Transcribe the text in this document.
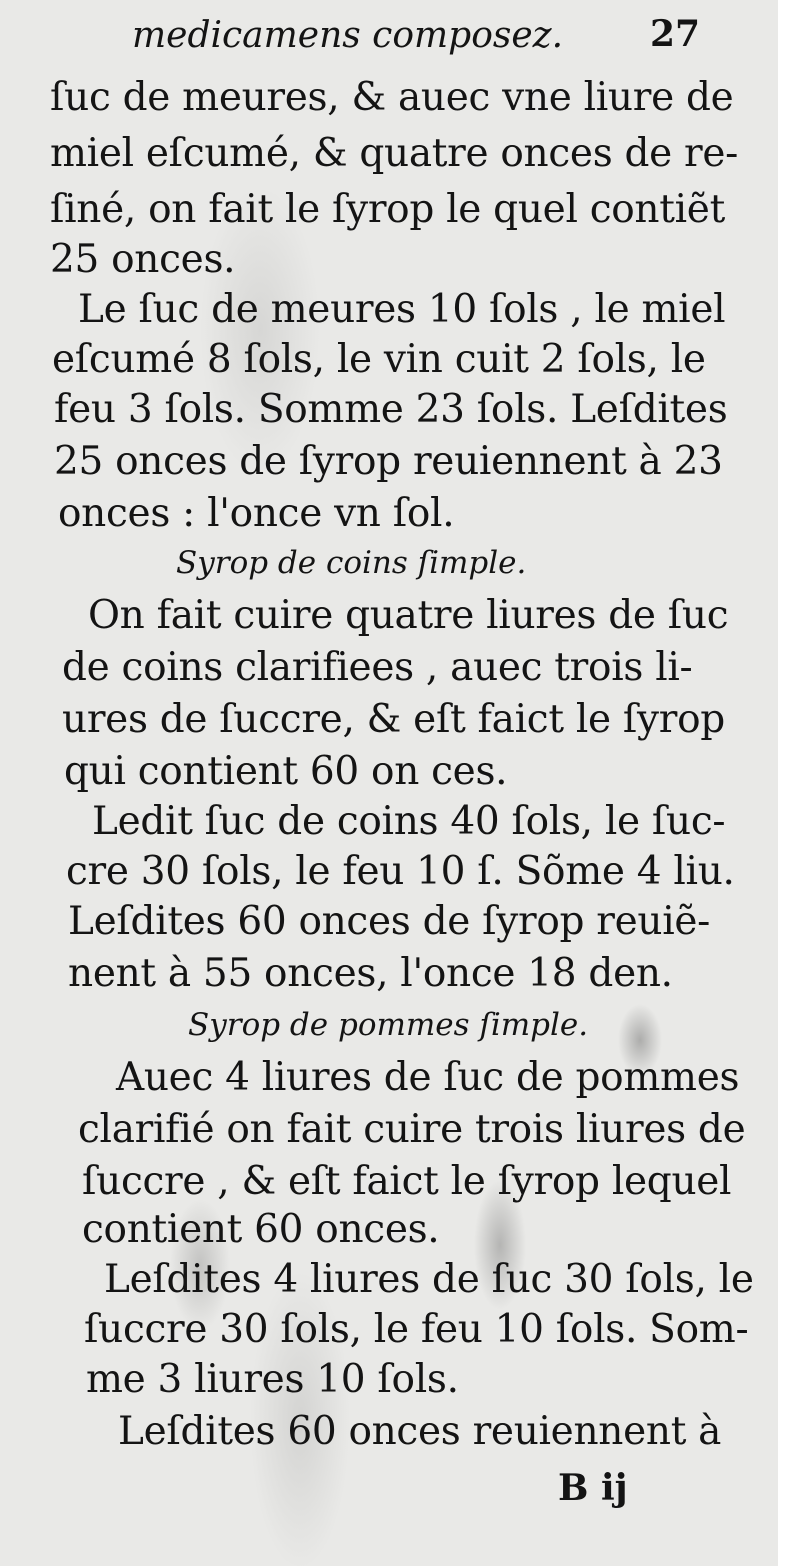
medicamens composez. 27
ſuc de meures, & auec vne liure de
miel eſcumé, & quatre onces de re-
ſiné, on fait le ſyrop le quel contiẽt
25 onces.
Le ſuc de meures 10 ſols , le miel
eſcumé 8 ſols, le vin cuit 2 ſols, le
feu 3 ſols. Somme 23 ſols. Leſdites
25 onces de ſyrop reuiennent à 23
onces : l'once vn ſol.
Syrop de coins ſimple.
On fait cuire quatre liures de ſuc
de coins clarifiees , auec trois li-
ures de ſuccre, & eſt faict le ſyrop
qui contient 60 on ces.
Ledit ſuc de coins 40 ſols, le ſuc-
cre 30 ſols, le feu 10 ſ. Sõme 4 liu.
Leſdites 60 onces de ſyrop reuiẽ-
nent à 55 onces, l'once 18 den.
Syrop de pommes ſimple.
Auec 4 liures de ſuc de pommes
clarifié on fait cuire trois liures de
ſuccre , & eſt faict le ſyrop lequel
contient 60 onces.
Leſdites 4 liures de ſuc 30 ſols, le
ſuccre 30 ſols, le feu 10 ſols. Som-
me 3 liures 10 ſols.
Leſdites 60 onces reuiennent à
B ij
